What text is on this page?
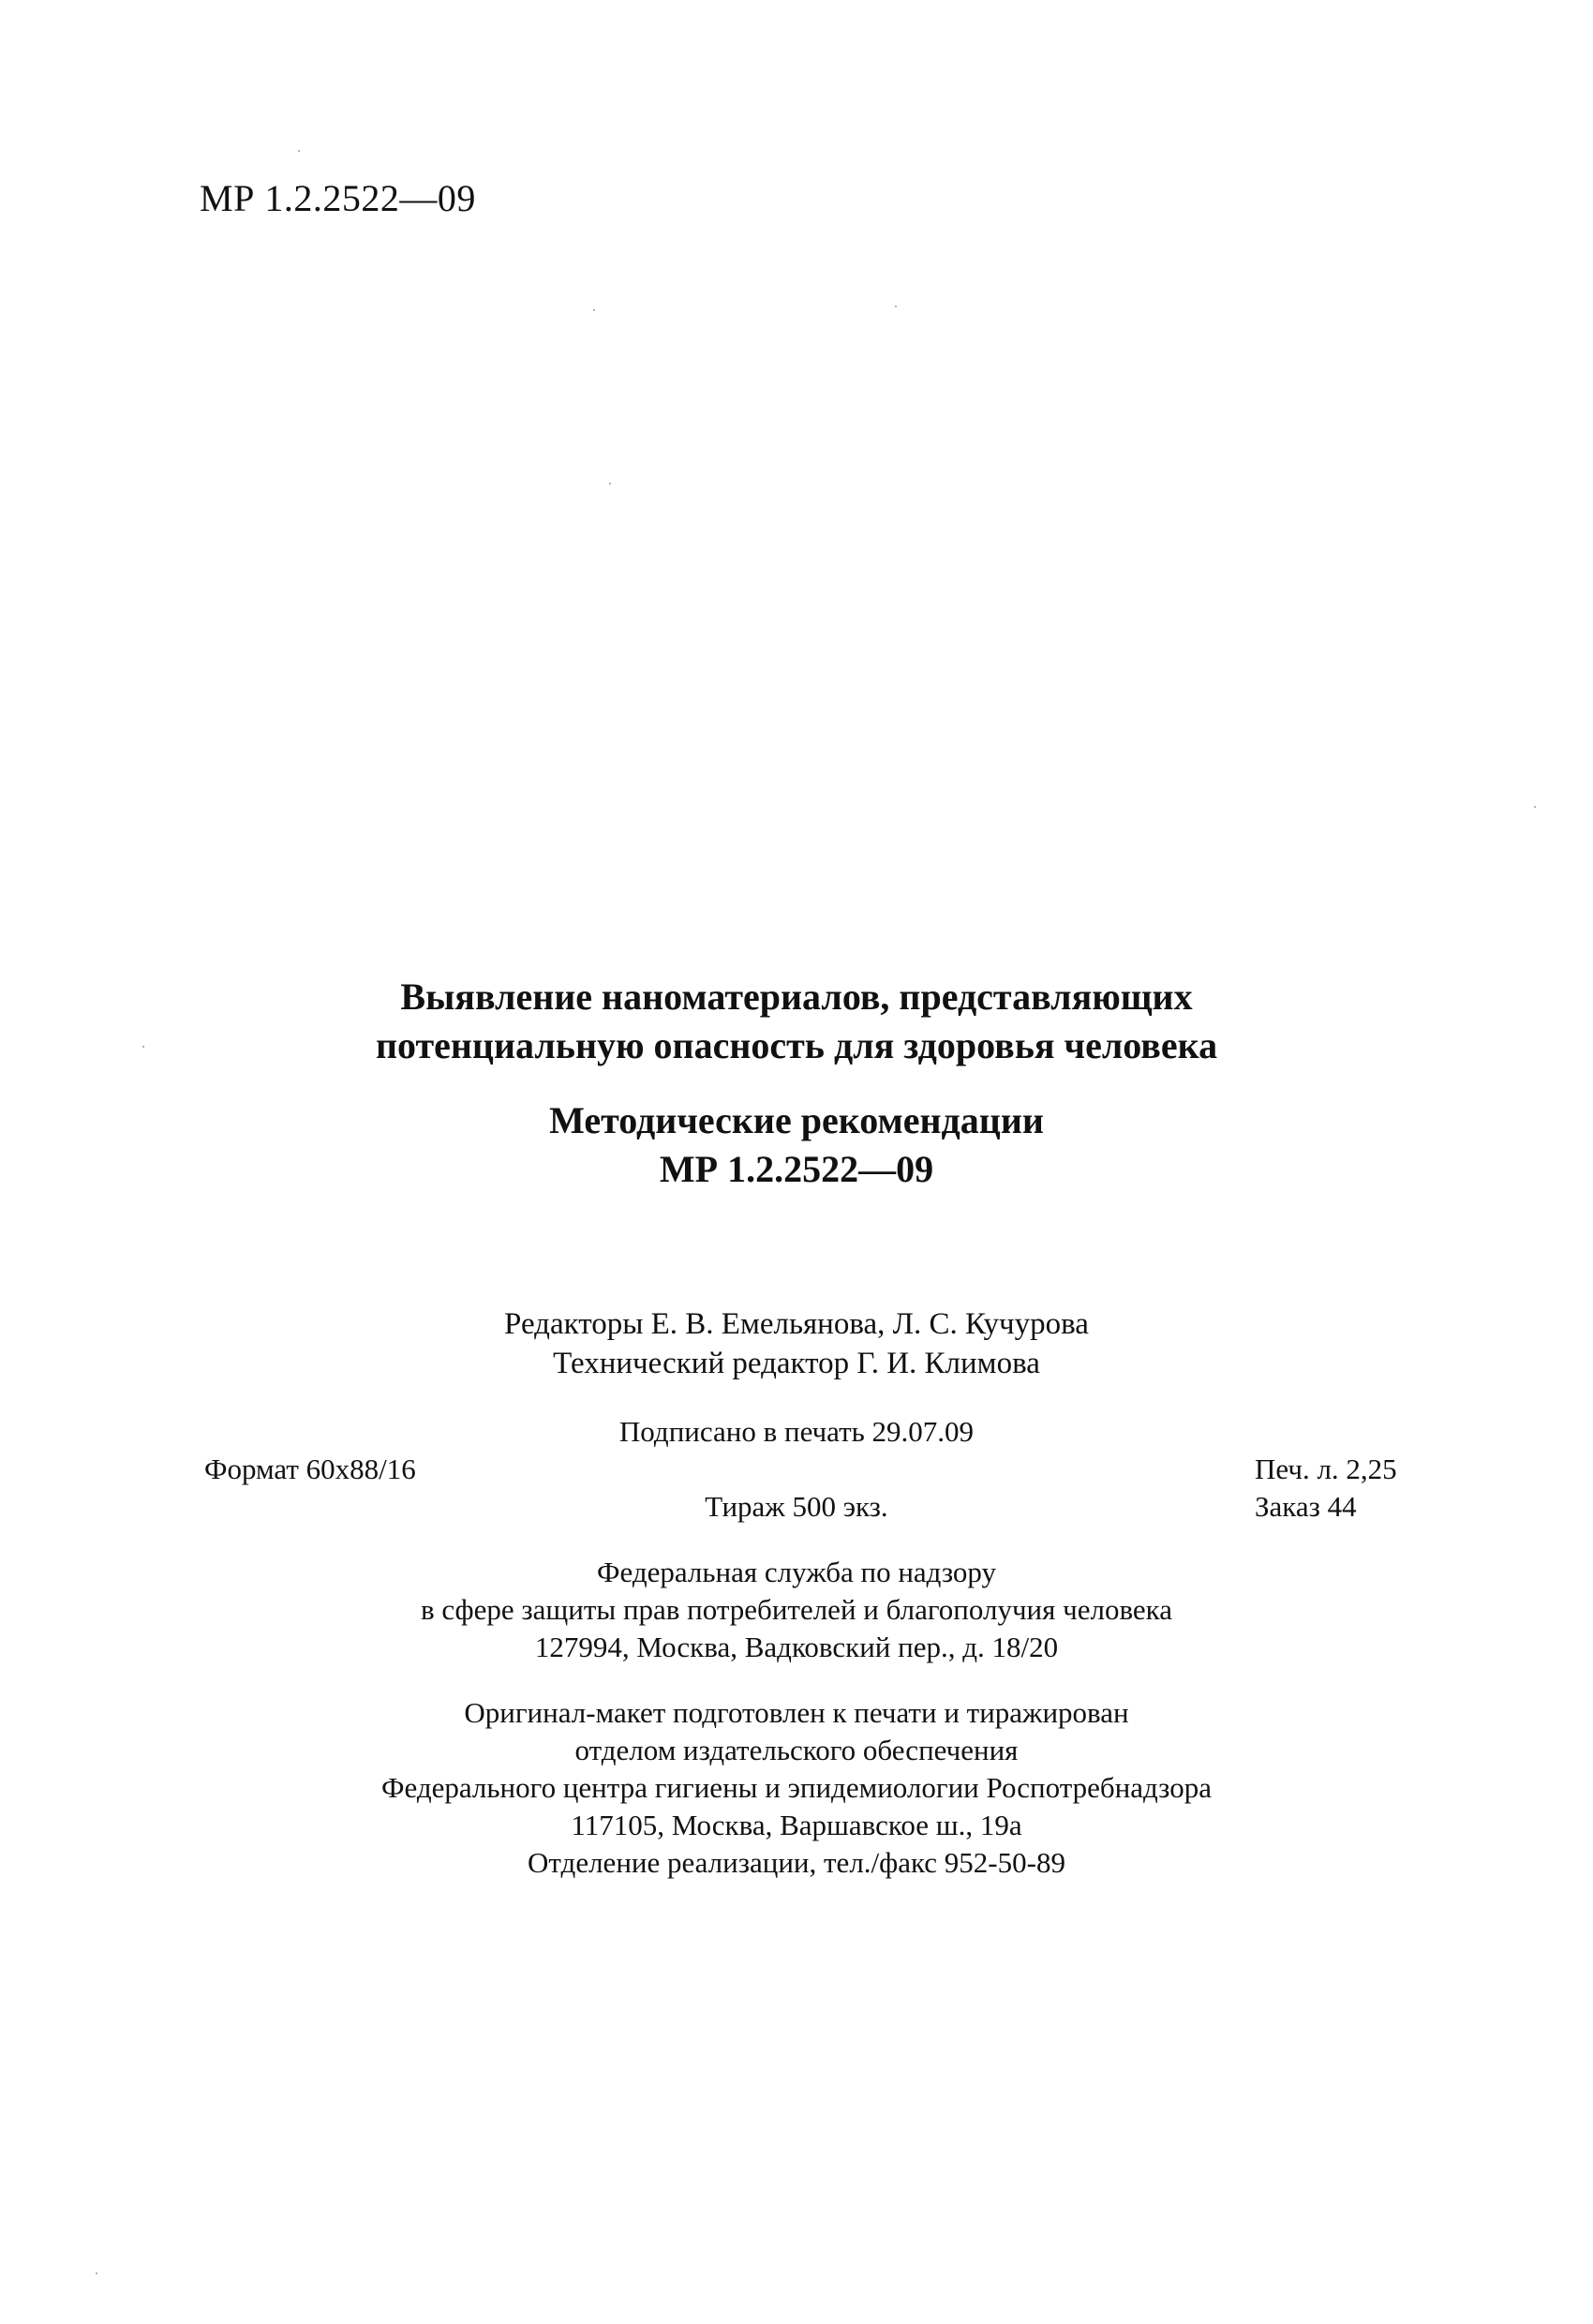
МР 1.2.2522—09
Выявление наноматериалов, представляющих
потенциальную опасность для здоровья человека
Методические рекомендации
МР 1.2.2522—09
Редакторы Е. В. Емельянова, Л. С. Кучурова
Технический редактор Г. И. Климова
Подписано в печать 29.07.09
Формат 60x88/16	Печ. л. 2,25
Тираж 500 экз.	Заказ 44
Федеральная служба по надзору
в сфере защиты прав потребителей и благополучия человека
127994, Москва, Вадковский пер., д. 18/20
Оригинал-макет подготовлен к печати и тиражирован
отделом издательского обеспечения
Федерального центра гигиены и эпидемиологии Роспотребнадзора
117105, Москва, Варшавское ш., 19а
Отделение реализации, тел./факс 952-50-89
